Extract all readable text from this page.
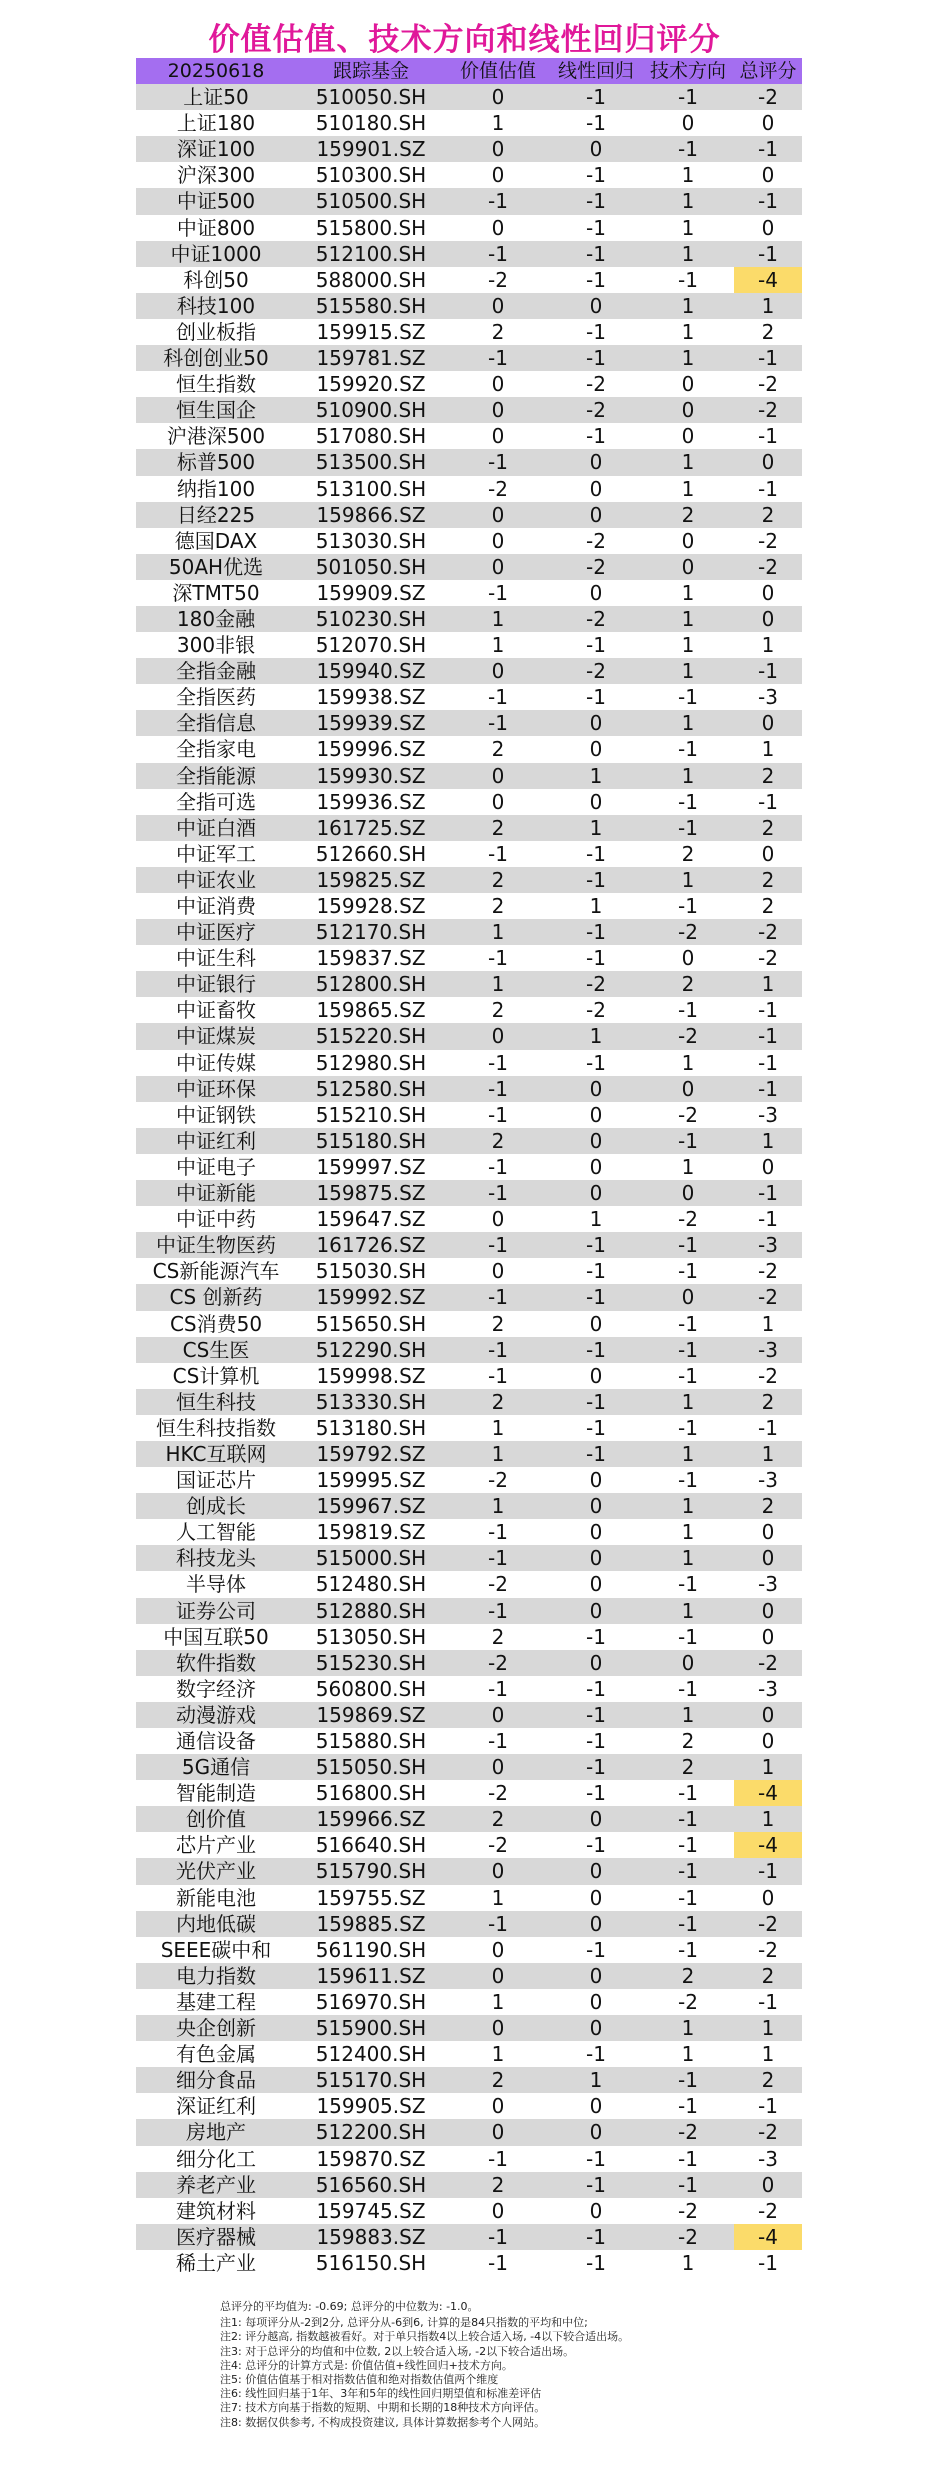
价值估值、技术方向和线性回归评分
20250618	跟踪基金	价值估值	线性回归 技术方向 总评分
上证50	510050.SH	0	-1	-1	-2
上证180	510180.SH	1	-1	0	0
深证100	159901.SZ	0	0	-1	-1
沪深300	510300.SH	0	-1	1	0
中证500	510500.SH	-1	-1	1	-1
中证800	515800.SH	0	-1	1	0
中证1000	512100.SH	-1	-1	1	-1
科创50	588000.SH	-2	-1	-1	-4
科技100	515580.SH	0	0	1	1
创业板指	159915.SZ	2	-1	1	2
科创创业50	159781.SZ	-1	-1	1	-1
恒生指数	159920.SZ	0	-2	0	-2
恒生国企	510900.SH	0	-2	0	-2
沪港深500	517080.SH	0	-1	0	-1
标普500	513500.SH	-1	0	1	0
纳指100	513100.SH	-2	0	1	-1
日经225	159866.SZ	0	0	2	2
德国DAX	513030.SH	0	-2	0	-2
50AH优选	501050.SH	0	-2	0	-2
深TMT50	159909.SZ	-1	0	1	0
180金融	510230.SH	1	-2	1	0
300非银	512070.SH	1	-1	1	1
全指金融	159940.SZ	0	-2	1	-1
全指医药	159938.SZ	-1	-1	-1	-3
全指信息	159939.SZ	-1	0	1	0
全指家电	159996.SZ	2	0	-1	1
全指能源	159930.SZ	0	1	1	2
全指可选	159936.SZ	0	0	-1	-1
中证白酒	161725.SZ	2	1	-1	2
中证军工	512660.SH	-1	-1	2	0
中证农业	159825.SZ	2	-1	1	2
中证消费	159928.SZ	2	1	-1	2
中证医疗	512170.SH	1	-1	-2	-2
中证生科	159837.SZ	-1	-1	0	-2
中证银行	512800.SH	1	-2	2	1
中证畜牧	159865.SZ	2	-2	-1	-1
中证煤炭	515220.SH	0	1	-2	-1
中证传媒	512980.SH	-1	-1	1	-1
中证环保	512580.SH	-1	0	0	-1
中证钢铁	515210.SH	-1	0	-2	-3
中证红利	515180.SH	2	0	-1	1
中证电子	159997.SZ	-1	0	1	0
中证新能	159875.SZ	-1	0	0	-1
中证中药	159647.SZ	0	1	-2	-1
中证生物医药	161726.SZ	-1	-1	-1	-3
CS新能源汽车	515030.SH	0	-1	-1	-2
CS 创新药	159992.SZ	-1	-1	0	-2
CS消费50	515650.SH	2	0	-1	1
CS生医	512290.SH	-1	-1	-1	-3
CS计算机	159998.SZ	-1	0	-1	-2
恒生科技	513330.SH	2	-1	1	2
恒生科技指数	513180.SH	1	-1	-1	-1
HKC互联网	159792.SZ	1	-1	1	1
国证芯片	159995.SZ	-2	0	-1	-3
创成长	159967.SZ	1	0	1	2
人工智能	159819.SZ	-1	0	1	0
科技龙头	515000.SH	-1	0	1	0
半导体	512480.SH	-2	0	-1	-3
证券公司	512880.SH	-1	0	1	0
中国互联50	513050.SH	2	-1	-1	0
软件指数	515230.SH	-2	0	0	-2
数字经济	560800.SH	-1	-1	-1	-3
动漫游戏	159869.SZ	0	-1	1	0
通信设备	515880.SH	-1	-1	2	0
5G通信	515050.SH	0	-1	2	1
智能制造	516800.SH	-2	-1	-1	-4
创价值	159966.SZ	2	0	-1	1
芯片产业	516640.SH	-2	-1	-1	-4
光伏产业	515790.SH	0	0	-1	-1
新能电池	159755.SZ	1	0	-1	0
内地低碳	159885.SZ	-1	0	-1	-2
SEEE碳中和	561190.SH	0	-1	-1	-2
电力指数	159611.SZ	0	0	2	2
基建工程	516970.SH	1	0	-2	-1
央企创新	515900.SH	0	0	1	1
有色金属	512400.SH	1	-1	1	1
细分食品	515170.SH	2	1	-1	2
深证红利	159905.SZ	0	0	-1	-1
房地产	512200.SH	0	0	-2	-2
细分化工	159870.SZ	-1	-1	-1	-3
养老产业	516560.SH	2	-1	-1	0
建筑材料	159745.SZ	0	0	-2	-2
医疗器械	159883.SZ	-1	-1	-2	-4
稀土产业	516150.SH	-1	-1	1	-1
总评分的平均值为: -0.69; 总评分的中位数为: -1.0。
注1: 每项评分从-2到2分, 总评分从-6到6, 计算的是84只指数的平均和中位;
注2: 评分越高, 指数越被看好。对于单只指数4以上较合适入场, -4以下较合适出场。
注3: 对于总评分的均值和中位数, 2以上较合适入场, -2以下较合适出场。
注4: 总评分的计算方式是: 价值估值+线性回归+技术方向。
注5: 价值估值基于相对指数估值和绝对指数估值两个维度
注6: 线性回归基于1年、3年和5年的线性回归期望值和标准差评估
注7: 技术方向基于指数的短期、中期和长期的18种技术方向评估。
注8: 数据仅供参考, 不构成投资建议, 具体计算数据参考个人网站。
